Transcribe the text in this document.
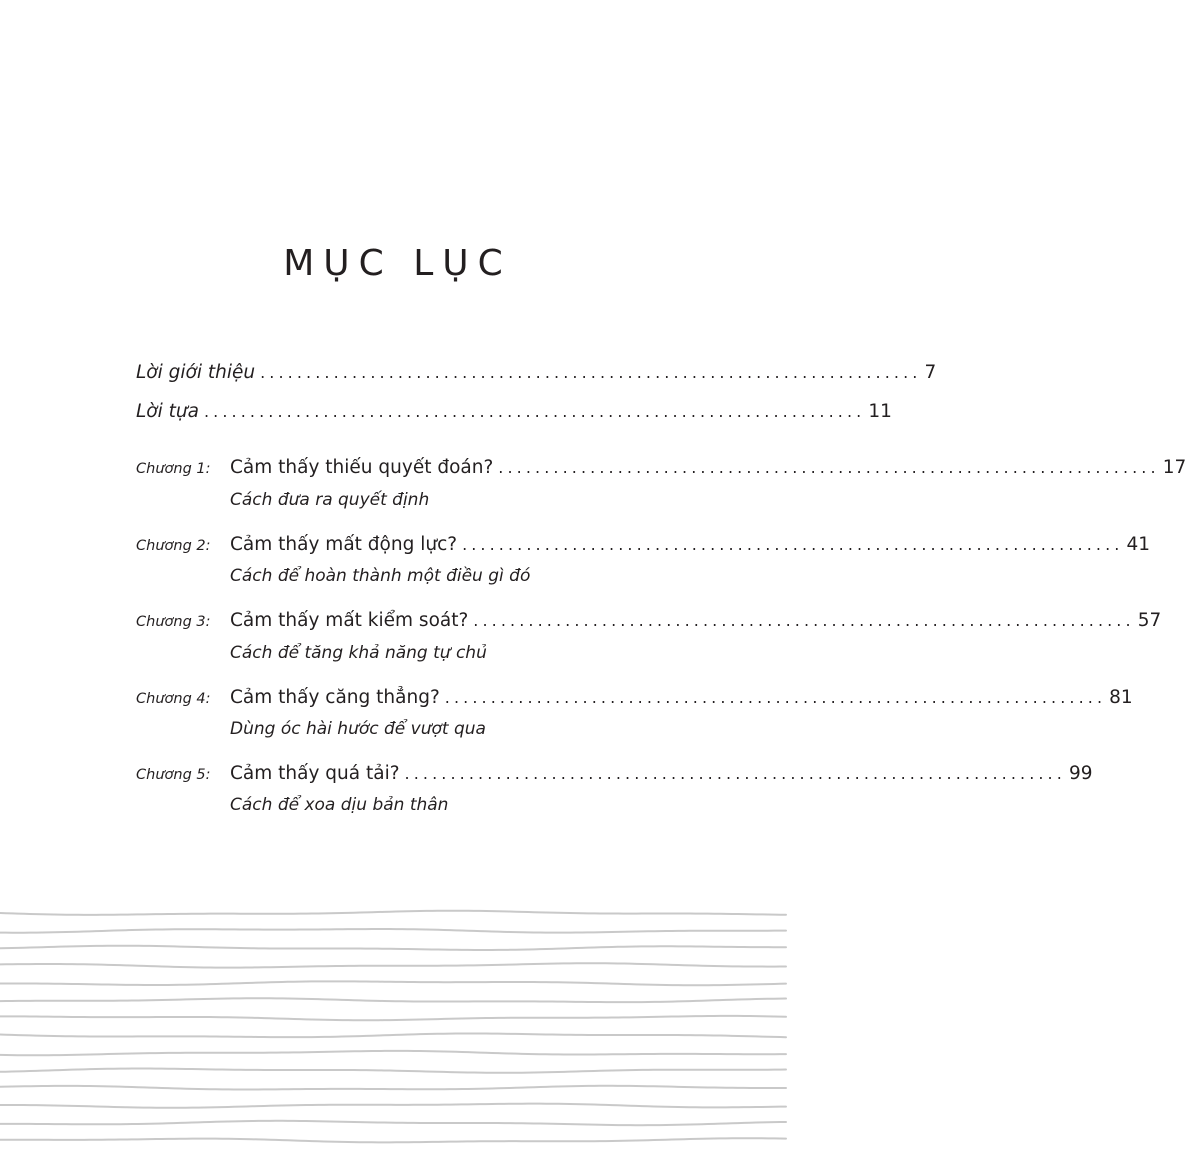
MỤC LỤC
Lời giới thiệu ........................................................................ 7
Lời tựa ........................................................................ 11
Chương 1:	Cảm thấy thiếu quyết đoán? ........................................................................ 17
Cách đưa ra quyết định
Chương 2:	Cảm thấy mất động lực? ........................................................................ 41
Cách để hoàn thành một điều gì đó
Chương 3:	Cảm thấy mất kiểm soát? ........................................................................ 57
Cách để tăng khả năng tự chủ
Chương 4:	Cảm thấy căng thẳng? ........................................................................ 81
Dùng óc hài hước để vượt qua
Chương 5:	Cảm thấy quá tải? ........................................................................ 99
Cách để xoa dịu bản thân
